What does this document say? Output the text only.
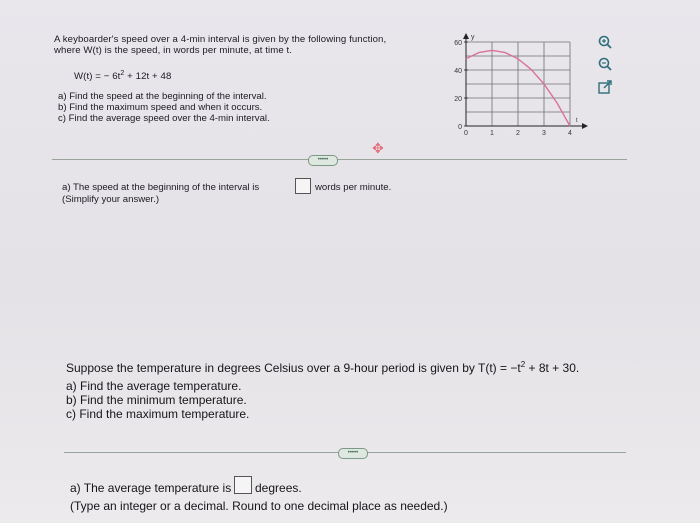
A keyboarder's speed over a 4-min interval is given by the following function,
where W(t) is the speed, in words per minute, at time t.
W(t) = − $6t^2 + 12t + 48$
a) Find the speed at the beginning of the interval.
b) Find the maximum speed and when it occurs.
c) Find the average speed over the 4-min interval.
60
40
20
0
0	1	2	3	4
y
t
•••••
✥
a) The speed at the beginning of the interval is	words per minute.
(Simplify your answer.)
Suppose the temperature in degrees Celsius over a 9-hour period is given by $T(t) = -t^2 + 8t + 30$.
a) Find the average temperature.
b) Find the minimum temperature.
c) Find the maximum temperature.
•••••
a) The average temperature is degrees.
(Type an integer or a decimal. Round to one decimal place as needed.)
